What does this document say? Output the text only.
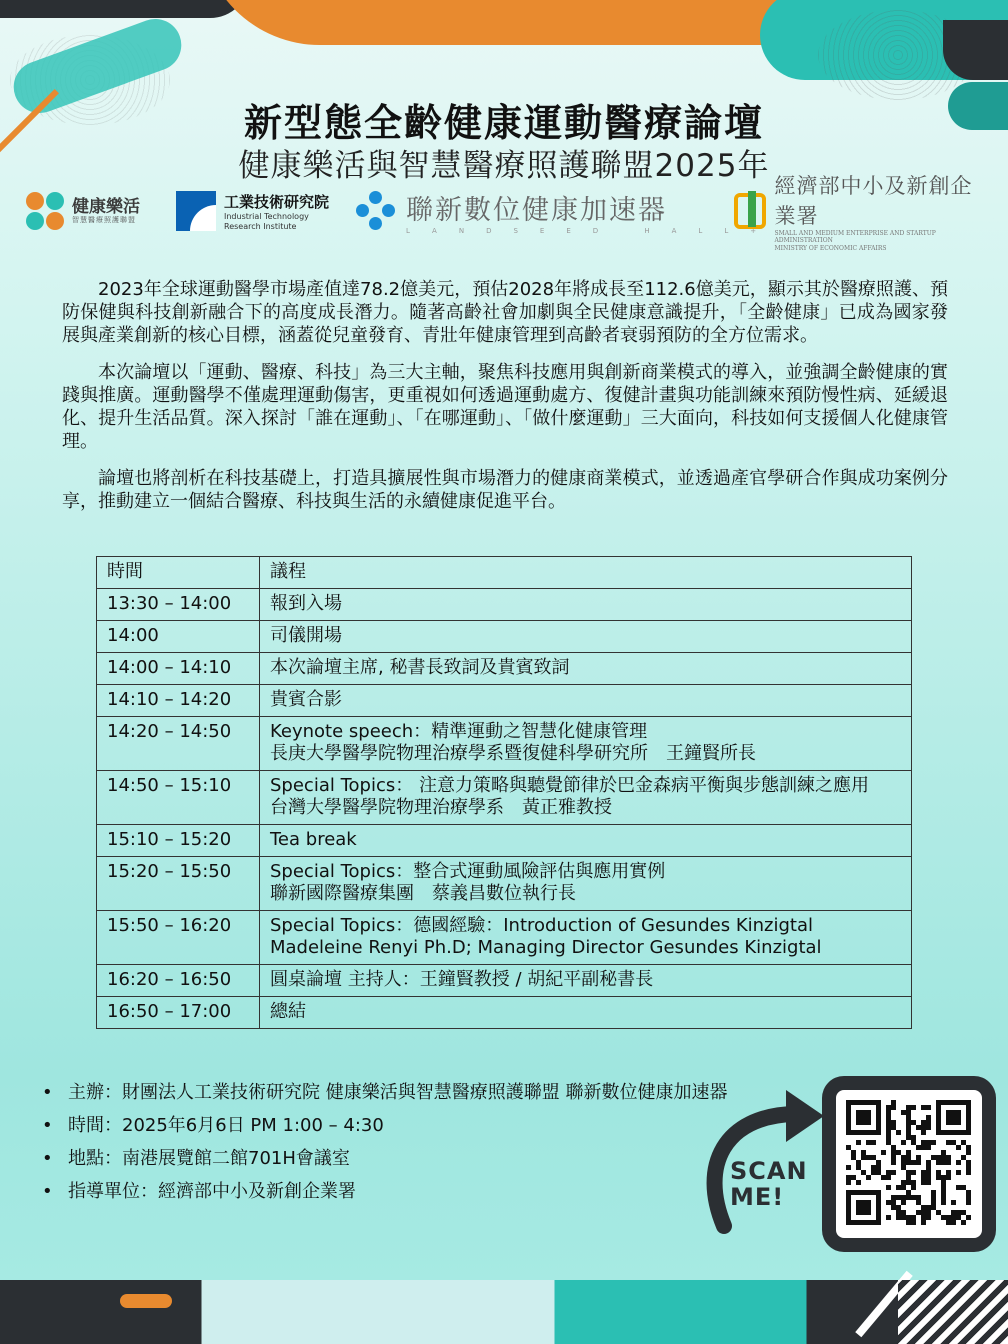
新型態全齡健康運動醫療論壇
健康樂活與智慧醫療照護聯盟2025年
健康樂活
智慧醫療照護聯盟
工業技術研究院
Industrial Technology
Research Institute
聯新數位健康加速器
LANDSEED HALL+
經濟部中小及新創企業署
SMALL AND MEDIUM ENTERPRISE AND STARTUP ADMINISTRATION
MINISTRY OF ECONOMIC AFFAIRS

2023年全球運動醫學市場產值達78.2億美元，預估2028年將成長至112.6億美元，顯示其於醫療照護、預防保健與科技創新融合下的高度成長潛力。隨著高齡社會加劇與全民健康意識提升，「全齡健康」已成為國家發展與產業創新的核心目標，涵蓋從兒童發育、青壯年健康管理到高齡者衰弱預防的全方位需求。

本次論壇以「運動、醫療、科技」為三大主軸，聚焦科技應用與創新商業模式的導入，並強調全齡健康的實踐與推廣。運動醫學不僅處理運動傷害，更重視如何透過運動處方、復健計畫與功能訓練來預防慢性病、延緩退化、提升生活品質。深入探討「誰在運動」、「在哪運動」、「做什麼運動」三大面向，科技如何支援個人化健康管理。

論壇也將剖析在科技基礎上，打造具擴展性與市場潛力的健康商業模式，並透過產官學研合作與成功案例分享，推動建立一個結合醫療、科技與生活的永續健康促進平台。

時間	議程
13:30 – 14:00	報到入場

14:00	司儀開場

14:00 – 14:10	本次論壇主席, 秘書長致詞及貴賓致詞

14:10 – 14:20	貴賓合影

14:20 – 14:50	Keynote speech：精準運動之智慧化健康管理
長庚大學醫學院物理治療學系暨復健科學研究所　王鐘賢所長

14:50 – 15:10	Special Topics： 注意力策略與聽覺節律於巴金森病平衡與步態訓練之應用
台灣大學醫學院物理治療學系　黃正雅教授

15:10 – 15:20	Tea break

15:20 – 15:50	Special Topics：整合式運動風險評估與應用實例
聯新國際醫療集團　蔡義昌數位執行長

15:50 – 16:20	Special Topics：德國經驗：Introduction of Gesundes Kinzigtal
Madeleine Renyi Ph.D; Managing Director Gesundes Kinzigtal

16:20 – 16:50	圓桌論壇 主持人：王鐘賢教授 / 胡紀平副秘書長

16:50 – 17:00	總結
• 主辦：財團法人工業技術研究院 健康樂活與智慧醫療照護聯盟 聯新數位健康加速器
• 時間：2025年6月6日 PM 1:00 – 4:30
• 地點：南港展覽館二館701H會議室
• 指導單位：經濟部中小及新創企業署
SCAN
ME!
